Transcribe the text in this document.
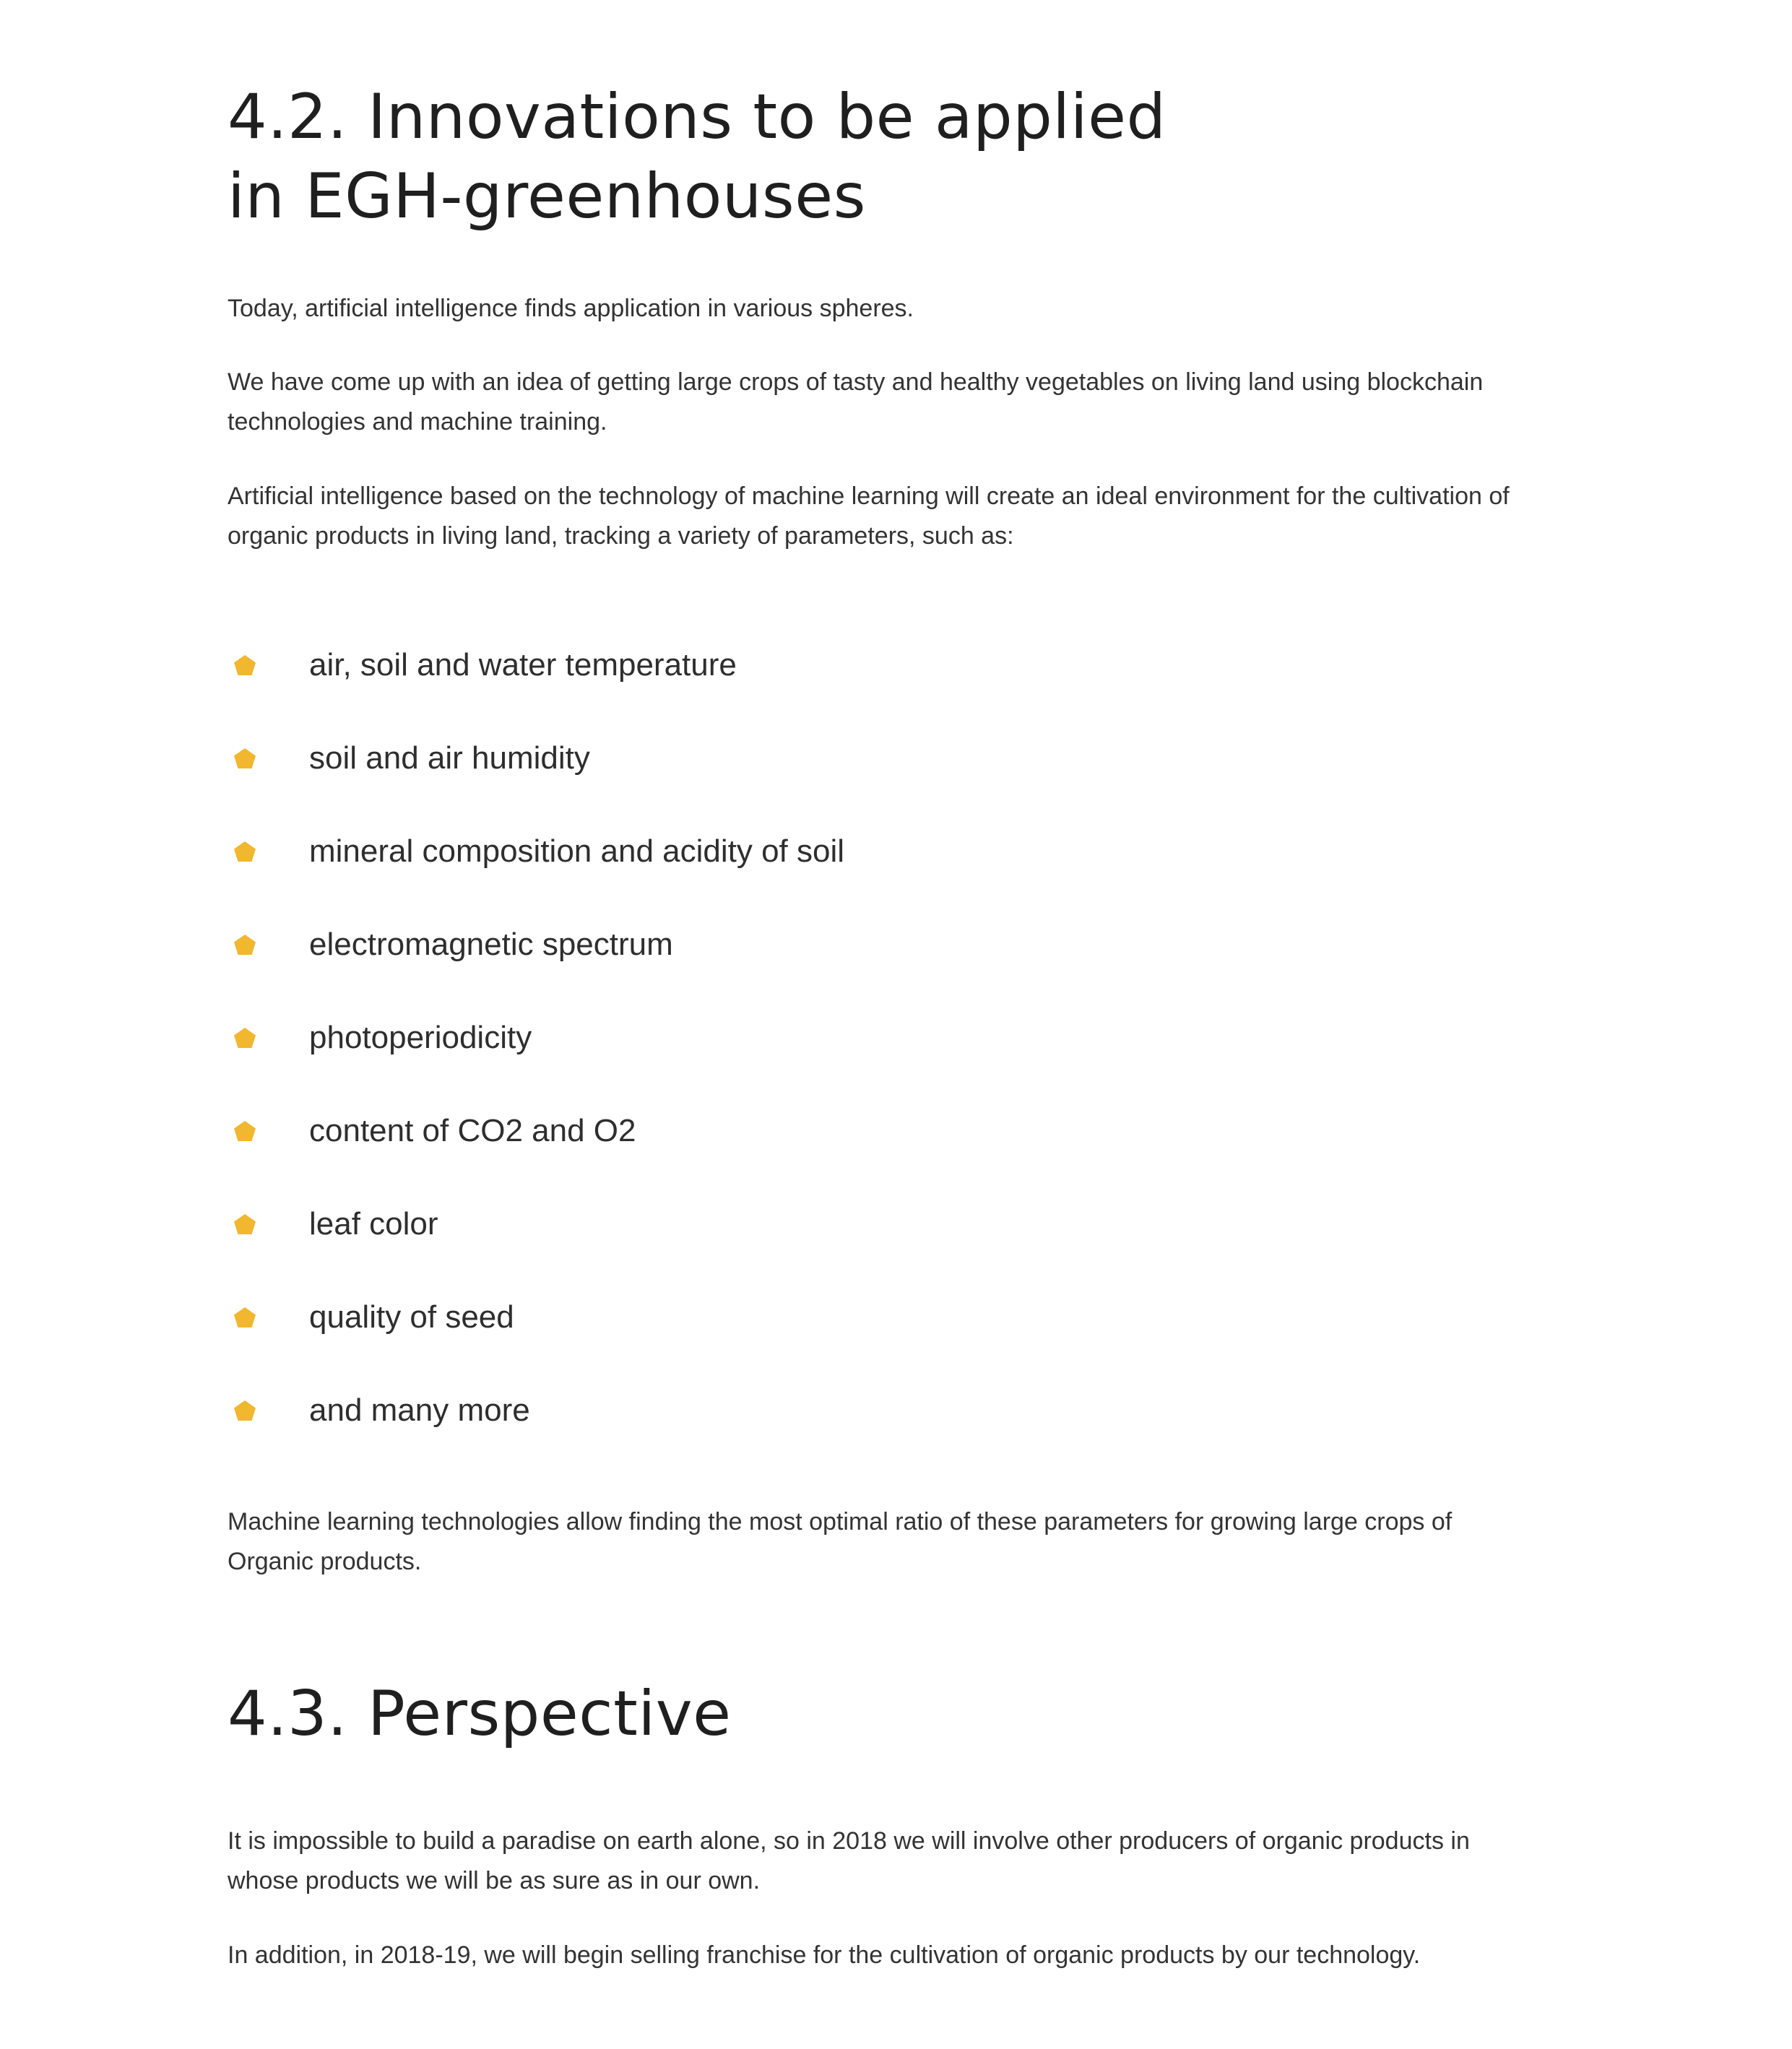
4.2. Innovations to be applied
in EGH-greenhouses

Today, artificial intelligence finds application in various spheres.

We have come up with an idea of getting large crops of tasty and healthy vegetables on living land using blockchain technologies and machine training.

Artificial intelligence based on the technology of machine learning will create an ideal environment for the cultivation of organic products in living land, tracking a variety of parameters, such as:

air, soil and water temperature
soil and air humidity
mineral composition and acidity of soil
electromagnetic spectrum
photoperiodicity
content of CO2 and O2
leaf color
quality of seed
and many more

Machine learning technologies allow finding the most optimal ratio of these parameters for growing large crops of Organic products.

4.3. Perspective

It is impossible to build a paradise on earth alone, so in 2018 we will involve other producers of organic products in whose products we will be as sure as in our own.

In addition, in 2018-19, we will begin selling franchise for the cultivation of organic products by our technology.
